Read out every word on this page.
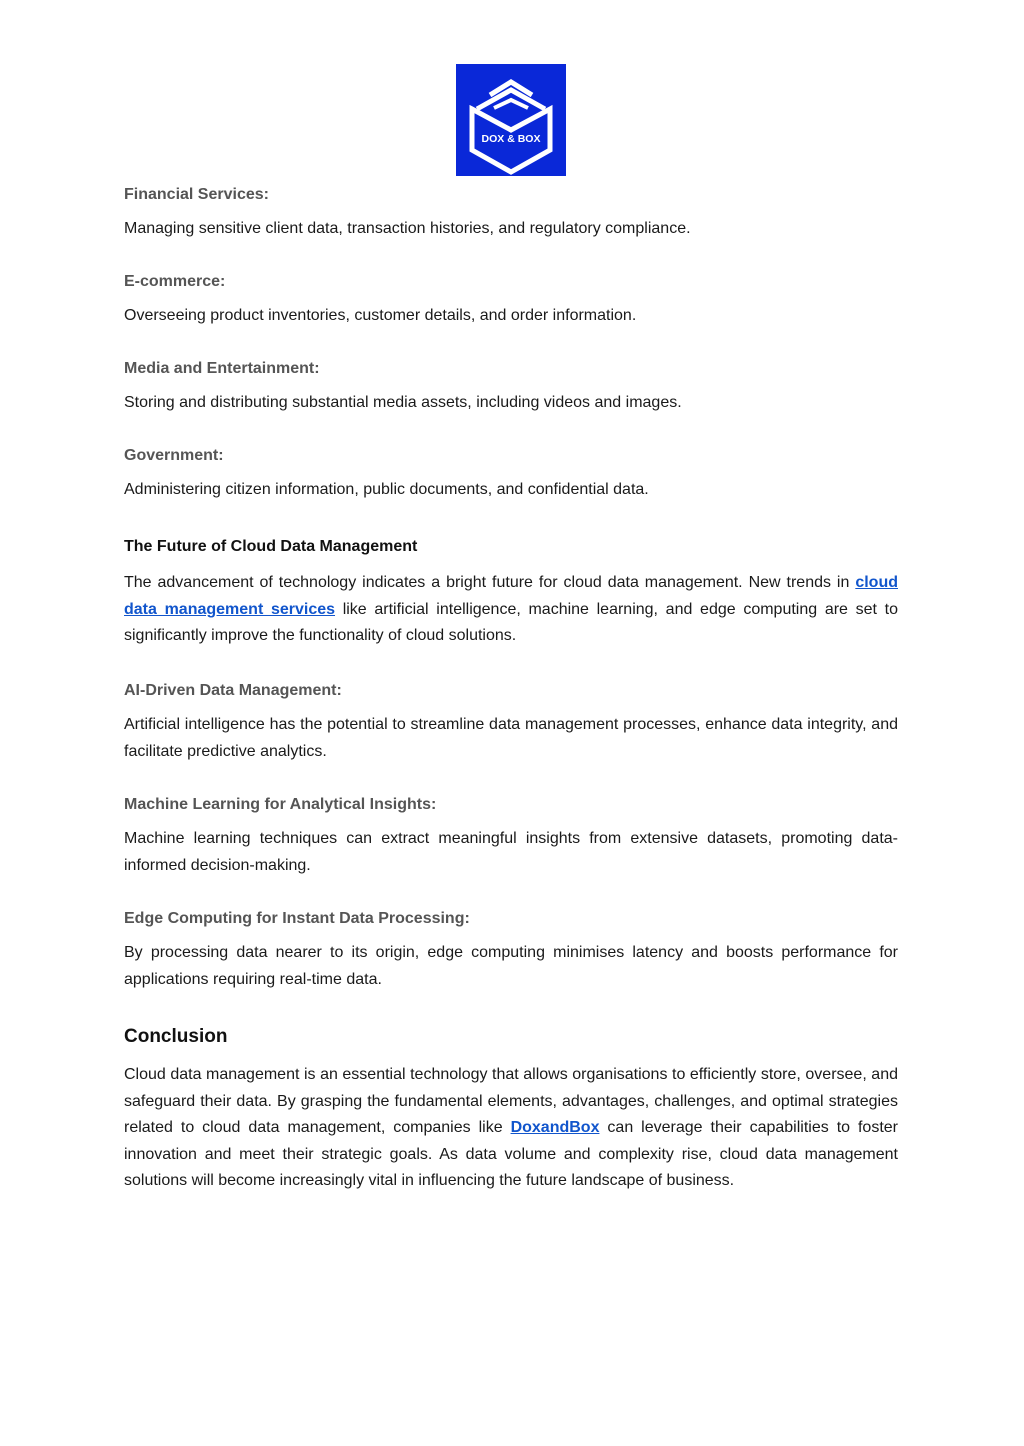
DOX & BOX

Financial Services:

Managing sensitive client data, transaction histories, and regulatory compliance.

E-commerce:

Overseeing product inventories, customer details, and order information.

Media and Entertainment:

Storing and distributing substantial media assets, including videos and images.

Government:

Administering citizen information, public documents, and confidential data.

The Future of Cloud Data Management

The advancement of technology indicates a bright future for cloud data management. New trends in cloud data management services like artificial intelligence, machine learning, and edge computing are set to significantly improve the functionality of cloud solutions.

AI-Driven Data Management:

Artificial intelligence has the potential to streamline data management processes, enhance data integrity, and facilitate predictive analytics.

Machine Learning for Analytical Insights:

Machine learning techniques can extract meaningful insights from extensive datasets, promoting data-informed decision-making.

Edge Computing for Instant Data Processing:

By processing data nearer to its origin, edge computing minimises latency and boosts performance for applications requiring real-time data.

Conclusion

Cloud data management is an essential technology that allows organisations to efficiently store, oversee, and safeguard their data. By grasping the fundamental elements, advantages, challenges, and optimal strategies related to cloud data management, companies like DoxandBox can leverage their capabilities to foster innovation and meet their strategic goals. As data volume and complexity rise, cloud data management solutions will become increasingly vital in influencing the future landscape of business.
